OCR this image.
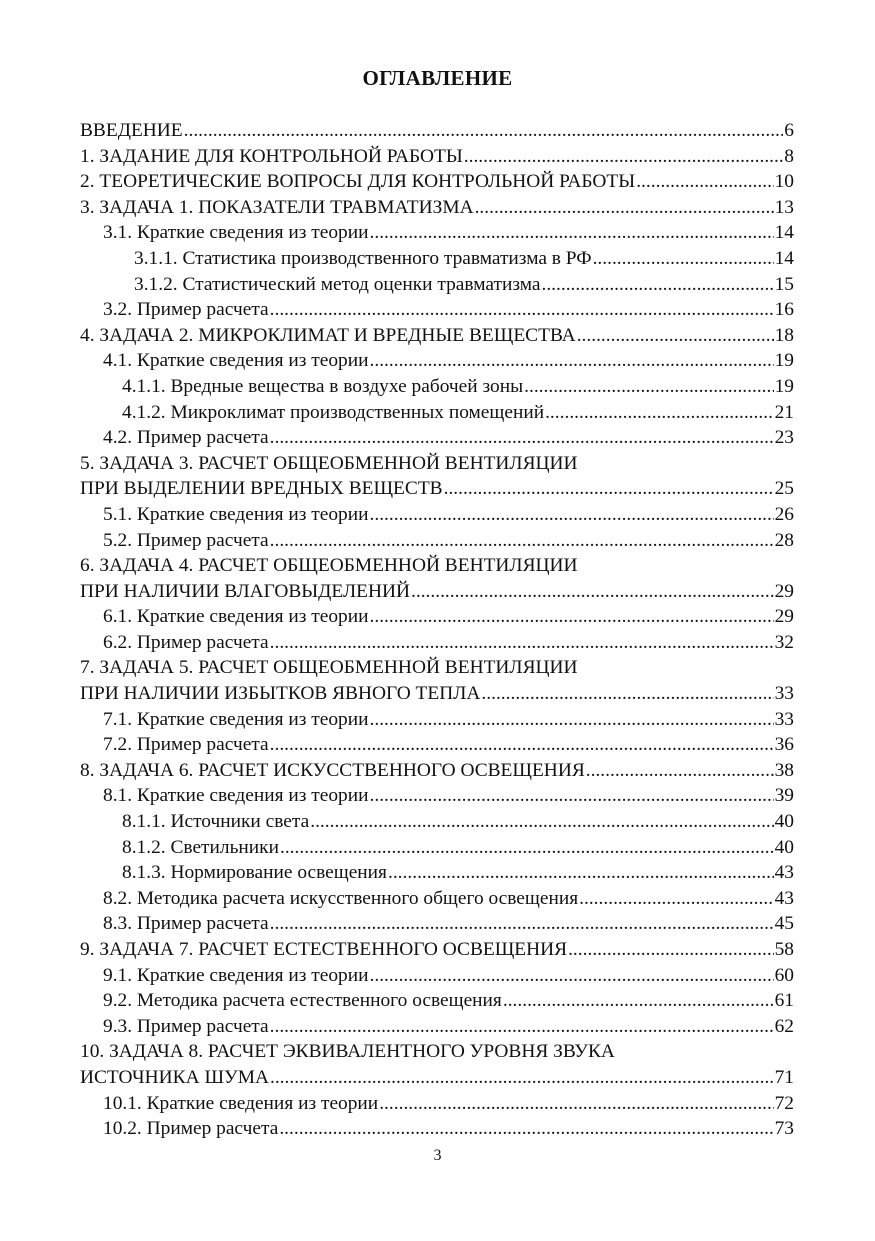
ОГЛАВЛЕНИЕ
ВВЕДЕНИЕ .....	6
1. ЗАДАНИЕ ДЛЯ КОНТРОЛЬНОЙ РАБОТЫ .....	8
2. ТЕОРЕТИЧЕСКИЕ ВОПРОСЫ ДЛЯ КОНТРОЛЬНОЙ РАБОТЫ .....	10
3. ЗАДАЧА 1. ПОКАЗАТЕЛИ ТРАВМАТИЗМА .....	13
3.1. Краткие сведения из теории .....	14
3.1.1. Статистика производственного травматизма в РФ .....	14
3.1.2. Статистический метод оценки травматизма .....	15
3.2. Пример расчета .....	16
4. ЗАДАЧА 2. МИКРОКЛИМАТ И ВРЕДНЫЕ ВЕЩЕСТВА .....	18
4.1. Краткие сведения из теории .....	19
4.1.1. Вредные вещества в воздухе рабочей зоны .....	19
4.1.2. Микроклимат производственных помещений .....	21
4.2. Пример расчета .....	23
5. ЗАДАЧА 3. РАСЧЕТ ОБЩЕОБМЕННОЙ ВЕНТИЛЯЦИИ
ПРИ ВЫДЕЛЕНИИ ВРЕДНЫХ ВЕЩЕСТВ .....	25
5.1. Краткие сведения из теории .....	26
5.2. Пример расчета .....	28
6. ЗАДАЧА 4. РАСЧЕТ ОБЩЕОБМЕННОЙ ВЕНТИЛЯЦИИ
ПРИ НАЛИЧИИ ВЛАГОВЫДЕЛЕНИЙ .....	29
6.1. Краткие сведения из теории .....	29
6.2. Пример расчета .....	32
7. ЗАДАЧА 5. РАСЧЕТ ОБЩЕОБМЕННОЙ ВЕНТИЛЯЦИИ
ПРИ НАЛИЧИИ ИЗБЫТКОВ ЯВНОГО ТЕПЛА .....	33
7.1. Краткие сведения из теории .....	33
7.2. Пример расчета .....	36
8. ЗАДАЧА 6. РАСЧЕТ ИСКУССТВЕННОГО ОСВЕЩЕНИЯ .....	38
8.1. Краткие сведения из теории .....	39
8.1.1. Источники света .....	40
8.1.2. Светильники .....	40
8.1.3. Нормирование освещения .....	43
8.2. Методика расчета искусственного общего освещения .....	43
8.3. Пример расчета .....	45
9. ЗАДАЧА 7. РАСЧЕТ ЕСТЕСТВЕННОГО ОСВЕЩЕНИЯ .....	58
9.1. Краткие сведения из теории .....	60
9.2. Методика расчета естественного освещения .....	61
9.3. Пример расчета .....	62
10. ЗАДАЧА 8. РАСЧЕТ ЭКВИВАЛЕНТНОГО УРОВНЯ ЗВУКА
ИСТОЧНИКА ШУМА .....	71
10.1. Краткие сведения из теории .....	72
10.2. Пример расчета .....	73
3
